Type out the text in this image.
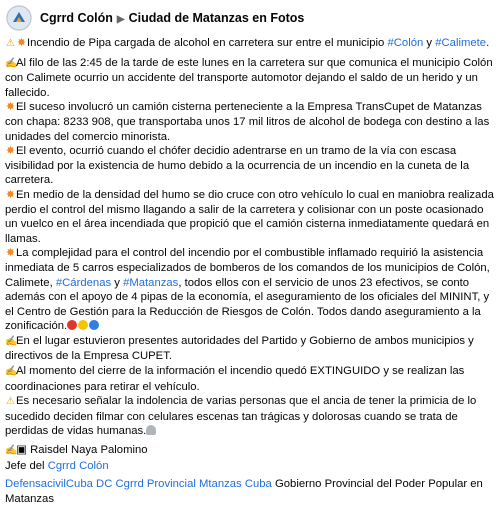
Cgrrd Colón ▶ Ciudad de Matanzas en Fotos

⚠ ✸Incendio de Pipa cargada de alcohol en carretera sur entre el municipio #Colón y #Calimete.

✍Al filo de las 2:45 de la tarde de este lunes en la carretera sur que comunica el municipio Colón con Calimete ocurrio un accidente del transporte automotor dejando el saldo de un herido y un fallecido.

✸El suceso involucró un camión cisterna perteneciente a la Empresa TransCupet de Matanzas con chapa: 8233 908, que transportaba unos 17 mil litros de alcohol de bodega con destino a las unidades del comercio minorista.

✸El evento, ocurrió cuando el chófer decidio adentrarse en un tramo de la vía con escasa visibilidad por la existencia de humo debido a la ocurrencia de un incendio en la cuneta de la carretera.

✸En medio de la densidad del humo se dio cruce con otro vehículo lo cual en maniobra realizada perdio el control del mismo llagando a salir de la carretera y colisionar con un poste ocasionado un vuelco en el área incendiada que propició que el camión cisterna inmediatamente quedará en llamas.

✸La complejidad para el control del incendio por el combustible inflamado requirió la asistencia inmediata de 5 carros especializados de bomberos de los comandos de los municipios de Colón, Calimete, #Cárdenas y #Matanzas, todos ellos con el servicio de unos 23 efectivos, se conto además con el apoyo de 4 pipas de la economía, el aseguramiento de los oficiales del MININT, y el Centro de Gestión para la Reducción de Riesgos de Colón. Todos dando aseguramiento a la zonificación.

✍En el lugar estuvieron presentes autoridades del Partido y Gobierno de ambos municipios y directivos de la Empresa CUPET.

✍Al momento del cierre de la información el incendio quedó EXTINGUIDO y se realizan las coordinaciones para retirar el vehículo.

⚠Es necesario señalar la indolencia de varias personas que el ancia de tener la primicia de lo sucedido deciden filmar con celulares escenas tan trágicas y dolorosas cuando se trata de perdidas de vidas humanas.

✍▣ Raisdel Naya Palomino

Jefe del Cgrrd Colón

DefensacivilCuba DC Cgrrd Provincial Mtanzas Cuba Gobierno Provincial del Poder Popular en Matanzas
